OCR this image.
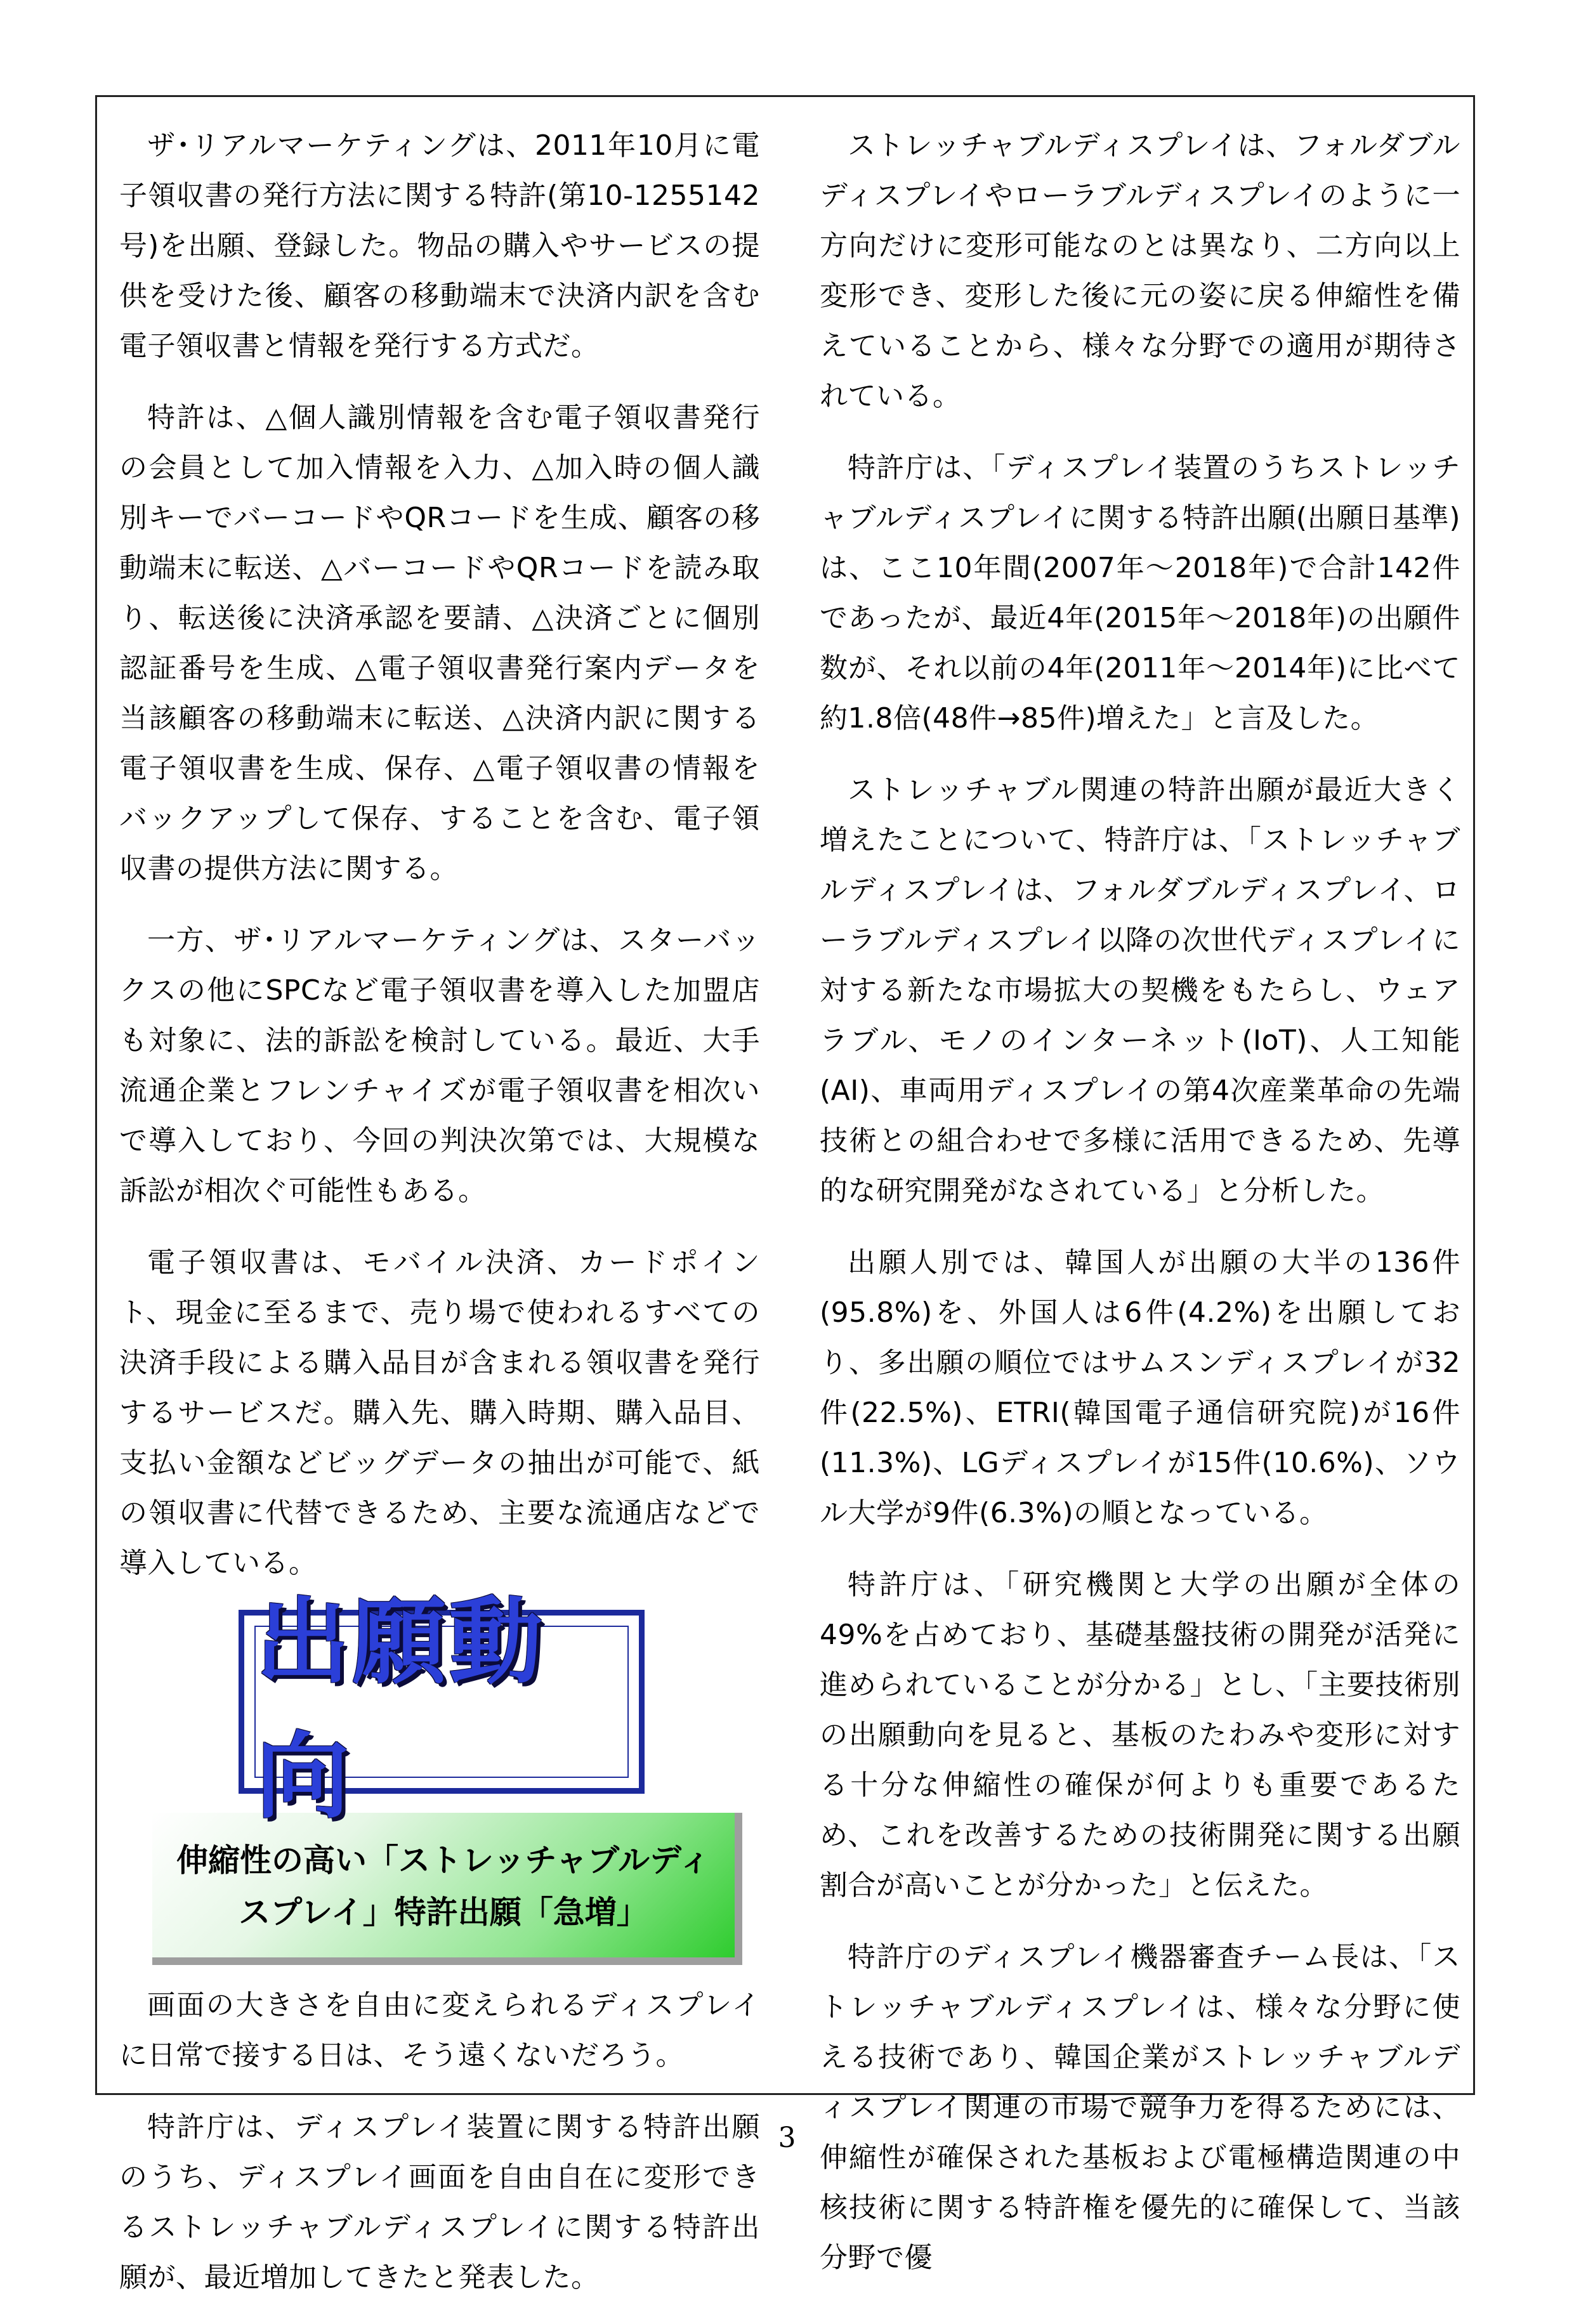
ザ･リアルマーケティングは、2011年10月に電子領収書の発行方法に関する特許(第10-1255142号)を出願、登録した。物品の購入やサービスの提供を受けた後、顧客の移動端末で決済内訳を含む電子領収書と情報を発行する方式だ。

特許は、△個人識別情報を含む電子領収書発行の会員として加入情報を入力、△加入時の個人識別キーでバーコードやQRコードを生成、顧客の移動端末に転送、△バーコードやQRコードを読み取り、転送後に決済承認を要請、△決済ごとに個別認証番号を生成、△電子領収書発行案内データを当該顧客の移動端末に転送、△決済内訳に関する電子領収書を生成、保存、△電子領収書の情報をバックアップして保存、することを含む、電子領収書の提供方法に関する。

一方、ザ･リアルマーケティングは、スターバックスの他にSPCなど電子領収書を導入した加盟店も対象に、法的訴訟を検討している。最近、大手流通企業とフレンチャイズが電子領収書を相次いで導入しており、今回の判決次第では、大規模な訴訟が相次ぐ可能性もある。

電子領収書は、モバイル決済、カードポイント、現金に至るまで、売り場で使われるすべての決済手段による購入品目が含まれる領収書を発行するサービスだ。購入先、購入時期、購入品目、支払い金額などビッグデータの抽出が可能で、紙の領収書に代替できるため、主要な流通店などで導入している。

出願動向
伸縮性の高い「ストレッチャブルディ
スプレイ」特許出願「急増」

画面の大きさを自由に変えられるディスプレイに日常で接する日は、そう遠くないだろう。

特許庁は、ディスプレイ装置に関する特許出願のうち、ディスプレイ画面を自由自在に変形できるストレッチャブルディスプレイに関する特許出願が、最近増加してきたと発表した。

ストレッチャブルディスプレイは、フォルダブルディスプレイやローラブルディスプレイのように一方向だけに変形可能なのとは異なり、二方向以上変形でき、変形した後に元の姿に戻る伸縮性を備えていることから、様々な分野での適用が期待されている。

特許庁は、「ディスプレイ装置のうちストレッチャブルディスプレイに関する特許出願(出願日基準)は、ここ10年間(2007年～2018年)で合計142件であったが、最近4年(2015年～2018年)の出願件数が、それ以前の4年(2011年～2014年)に比べて約1.8倍(48件→85件)増えた」と言及した。

ストレッチャブル関連の特許出願が最近大きく増えたことについて、特許庁は、「ストレッチャブルディスプレイは、フォルダブルディスプレイ、ローラブルディスプレイ以降の次世代ディスプレイに対する新たな市場拡大の契機をもたらし、ウェアラブル、モノのインターネット(IoT)、人工知能(AI)、車両用ディスプレイの第4次産業革命の先端技術との組合わせで多様に活用できるため、先導的な研究開発がなされている」と分析した。

出願人別では、韓国人が出願の大半の136件(95.8%)を、外国人は6件(4.2%)を出願しており、多出願の順位ではサムスンディスプレイが32件(22.5%)、ETRI(韓国電子通信研究院)が16件(11.3%)、LGディスプレイが15件(10.6%)、ソウル大学が9件(6.3%)の順となっている。

特許庁は、「研究機関と大学の出願が全体の49%を占めており、基礎基盤技術の開発が活発に進められていることが分かる」とし、「主要技術別の出願動向を見ると、基板のたわみや変形に対する十分な伸縮性の確保が何よりも重要であるため、これを改善するための技術開発に関する出願割合が高いことが分かった」と伝えた。

特許庁のディスプレイ機器審査チーム長は、「ストレッチャブルディスプレイは、様々な分野に使える技術であり、韓国企業がストレッチャブルディスプレイ関連の市場で競争力を得るためには、伸縮性が確保された基板および電極構造関連の中核技術に関する特許権を優先的に確保して、当該分野で優

3
